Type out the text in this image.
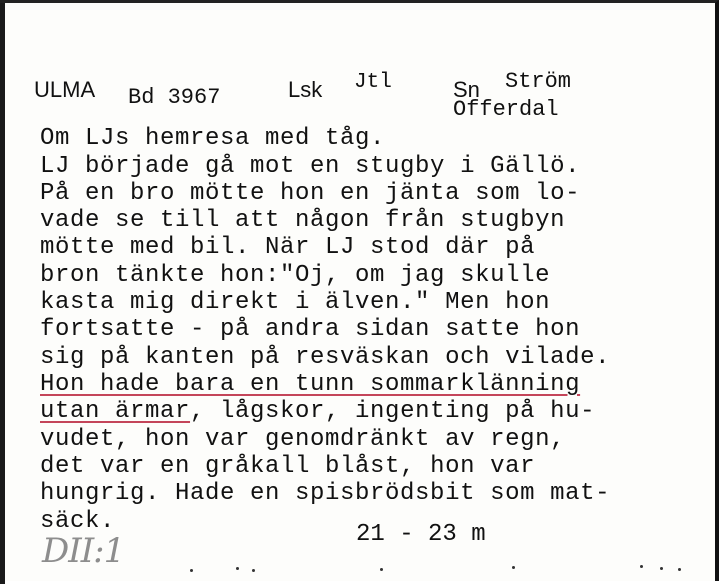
ULMA Bd 3967	Lsk Jtl	Sn Ström
Offerdal
Om LJs hemresa med tåg.
LJ började gå mot en stugby i Gällö.
På en bro mötte hon en jänta som lo-
vade se till att någon från stugbyn
mötte med bil. När LJ stod där på
bron tänkte hon:"Oj, om jag skulle
kasta mig direkt i älven." Men hon
fortsatte - på andra sidan satte hon
sig på kanten på resväskan och vilade.
Hon hade bara en tunn sommarklänning
utan ärmar, lågskor, ingenting på hu-
vudet, hon var genomdränkt av regn,
det var en gråkall blåst, hon var
hungrig. Hade en spisbrödsbit som mat-
säck.	21 - 23 m
DII:1
